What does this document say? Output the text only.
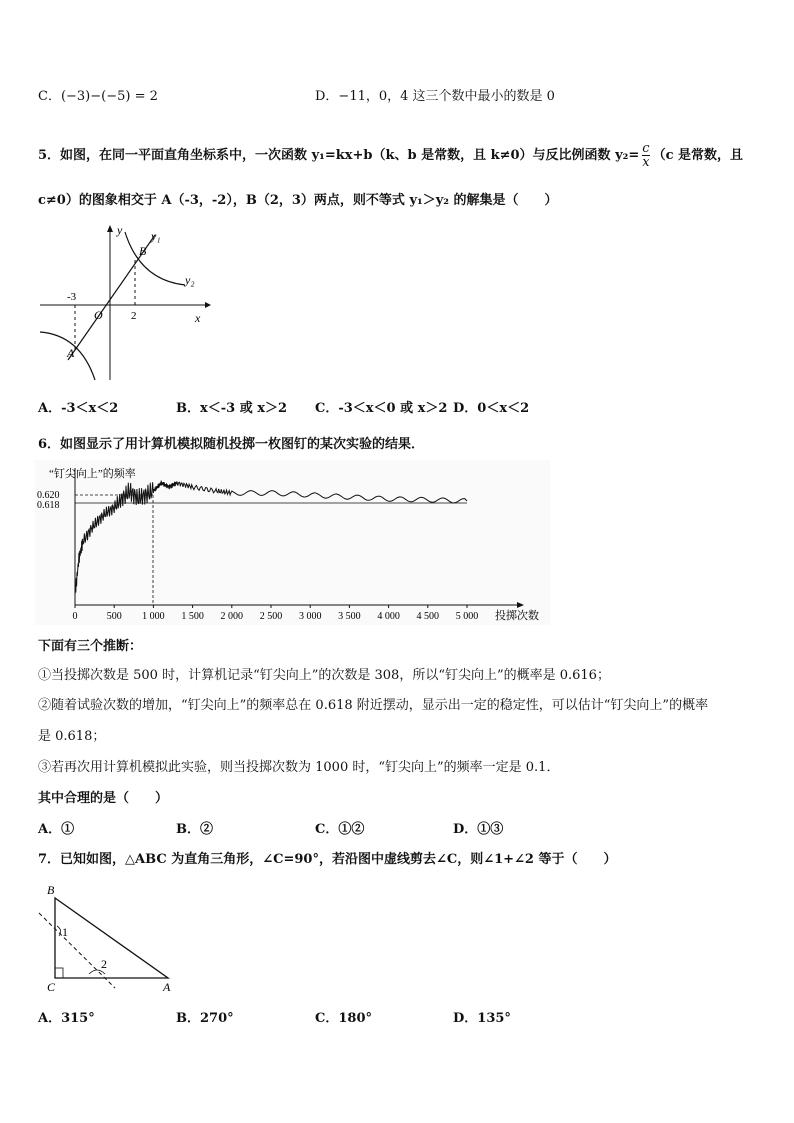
C．(−3)−(−5) = 2	D．−11，0，4 这三个数中最小的数是 0
5．如图，在同一平面直角坐标系中，一次函数 y₁=kx+b（k、b 是常数，且 k≠0）与反比例函数 $y_2= \frac{c}{x} (c$ 是常数，且
c≠0）的图象相交于 A（-3，-2），B（2，3）两点，则不等式 y₁＞y₂ 的解集是（　　）
y
x
O
y₁
y₂
B
A
-3
2
A．-3＜x＜2	B．x＜-3 或 x＞2 C．-3＜x＜0 或 x＞2 D．0＜x＜2
6．如图显示了用计算机模拟随机投掷一枚图钉的某次实验的结果．
“钉尖向上”的频率
0.620
0.618
0	500 1 000 1 500 2 000 2 500 3 000 3 500 4 000 4 500 5 000 投掷次数
下面有三个推断：
①当投掷次数是 500 时，计算机记录“钉尖向上”的次数是 308，所以“钉尖向上”的概率是 0.616；
②随着试验次数的增加，“钉尖向上”的频率总在 0.618 附近摆动，显示出一定的稳定性，可以估计“钉尖向上”的概率
是 0.618；
③若再次用计算机模拟此实验，则当投掷次数为 1000 时，“钉尖向上”的频率一定是 0.1．
其中合理的是（　　）
A．①	B．②	C．①②	D．①③
7．已知如图，△ABC 为直角三角形，∠C=90°，若沿图中虚线剪去∠C，则∠1+∠2 等于（　　）
B
C	A
1
2
A．315°	B．270°	C．180°	D．135°
